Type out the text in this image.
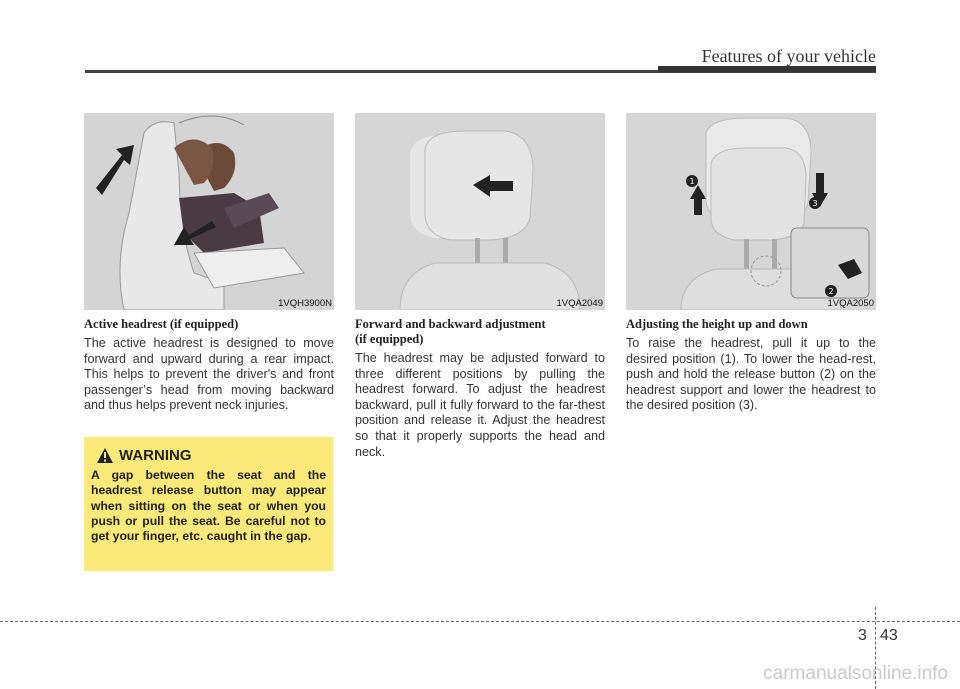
Features of your vehicle
1VQH3900N	1VQA2049
1
3
2
1VQA2050

Active headrest (if equipped)

The active headrest is designed to move forward and upward during a rear impact. This helps to prevent the driver's and front passenger’s head from moving backward and thus helps prevent neck injuries.

Forward and backward adjustment
(if equipped)

The headrest may be adjusted forward to three different positions by pulling the headrest forward. To adjust the headrest backward, pull it fully forward to the far-thest position and release it. Adjust the headrest so that it properly supports the head and neck.

Adjusting the height up and down

To raise the headrest, pull it up to the desired position (1). To lower the head-rest, push and hold the release button (2) on the headrest support and lower the headrest to the desired position (3).

WARNING
A gap between the seat and the headrest release button may appear when sitting on the seat or when you push or pull the seat. Be careful not to get your finger, etc. caught in the gap.
3 43
carmanualsonline.info
